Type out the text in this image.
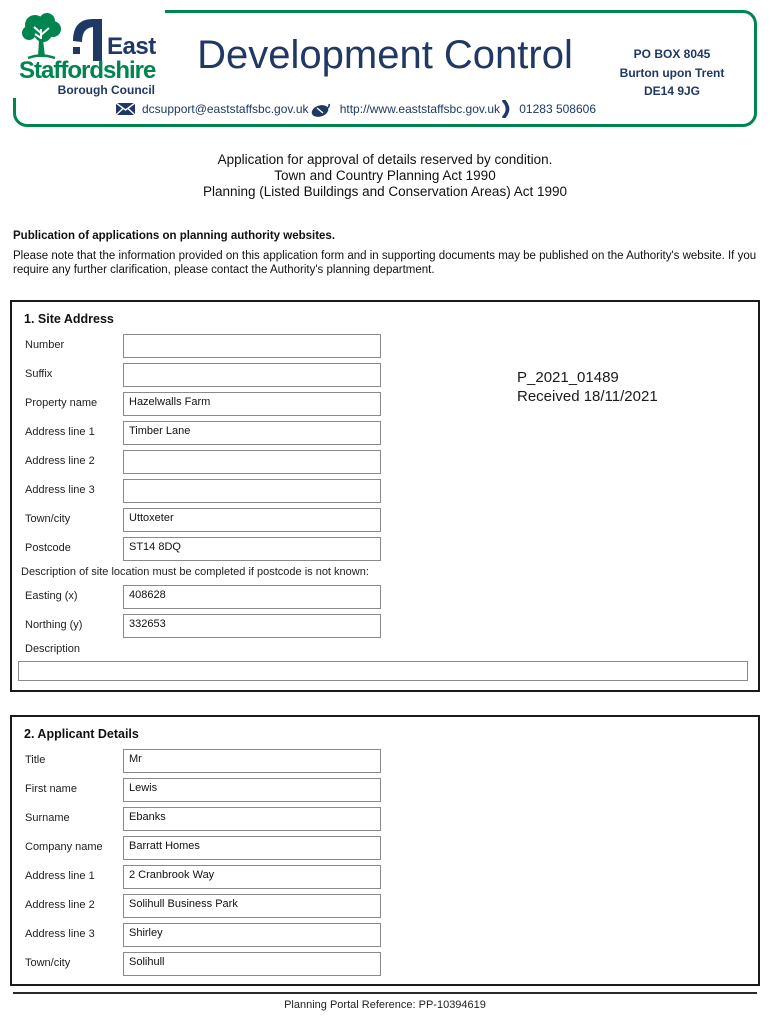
East
Staffordshire
Borough Council
Development Control	PO BOX 8045
Burton upon Trent
DE14 9JG
dcsupport@eaststaffsbc.gov.uk	http://www.eaststaffsbc.gov.uk 01283 508606
Application for approval of details reserved by condition.
Town and Country Planning Act 1990
Planning (Listed Buildings and Conservation Areas) Act 1990
Publication of applications on planning authority websites.

Please note that the information provided on this application form and in supporting documents may be published on the Authority's website. If you require any further clarification, please contact the Authority's planning department.

1. Site Address
P_2021_01489
Received 18/11/2021
Number
Suffix
Property name	Hazelwalls Farm
Address line 1	Timber Lane
Address line 2
Address line 3
Town/city	Uttoxeter
Postcode	ST14 8DQ
Description of site location must be completed if postcode is not known:
Easting (x)	408628
Northing (y)	332653
Description
2. Applicant Details
Title	Mr
First name	Lewis
Surname	Ebanks
Company name	Barratt Homes
Address line 1	2 Cranbrook Way
Address line 2	Solihull Business Park
Address line 3	Shirley
Town/city	Solihull
Planning Portal Reference: PP-10394619
